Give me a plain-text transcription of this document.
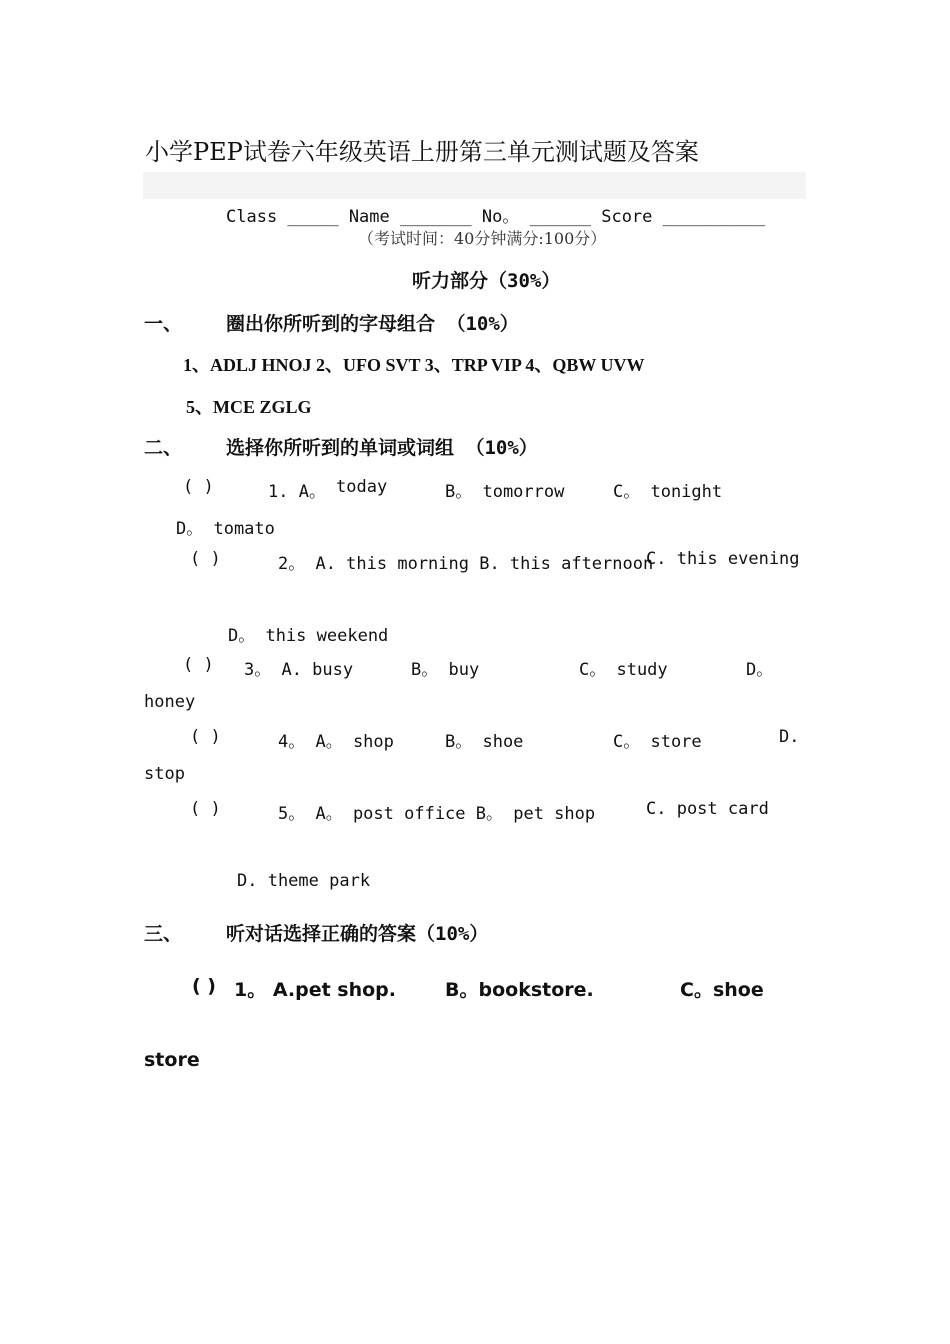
小学PEP试卷六年级英语上册第三单元测试题及答案
Class _____ Name _______ No。 ______ Score __________
（考试时间：40分钟满分:100分）
听力部分（30%）
一、 圈出你所听到的字母组合 （10%）
1、ADLJ HNOJ 2、UFO SVT 3、TRP VIP 4、QBW UVW
5、MCE ZGLG
二、 选择你所听到的单词或词组 （10%）
( )	1. A。 today	B。 tomorrow	C。 tonight
D。 tomato
( )	2。 A. this morning B. this afternoon
C. this evening
D。 this weekend
( ) 3。 A. busy	B。 buy	C。 study	D。
honey
( )	4。 A。 shop	B。 shoe	C。 store	D.
stop
( )	5。 A。 post office B。 pet shop	C. post card
D. theme park
三、 听对话选择正确的答案（10%）
( ) 1。 A.pet shop.	B。bookstore.	C。shoe
store
